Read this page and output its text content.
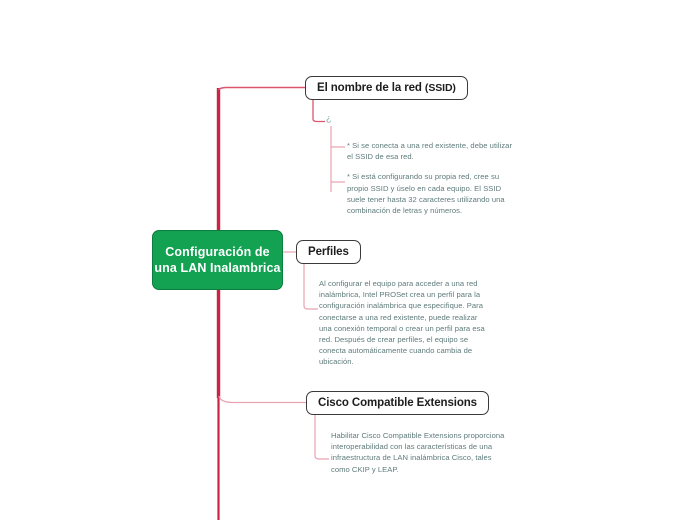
Configuración de una LAN Inalambrica
El nombre de la red (SSID)
¿

* Si se conecta a una red existente, debe utilizar el SSID de esa red.

* Si está configurando su propia red, cree su propio SSID y úselo en cada equipo. El SSID suele tener hasta 32 caracteres utilizando una combinación de letras y números.

Perfiles

Al configurar el equipo para acceder a una red inalámbrica, Intel PROSet crea un perfil para la configuración inalámbrica que especifique. Para conectarse a una red existente, puede realizar una conexión temporal o crear un perfil para esa red. Después de crear perfiles, el equipo se conecta automáticamente cuando cambia de ubicación.

Cisco Compatible Extensions

Habilitar Cisco Compatible Extensions proporciona interoperabilidad con las características de una infraestructura de LAN inalámbrica Cisco, tales como CKIP y LEAP.
